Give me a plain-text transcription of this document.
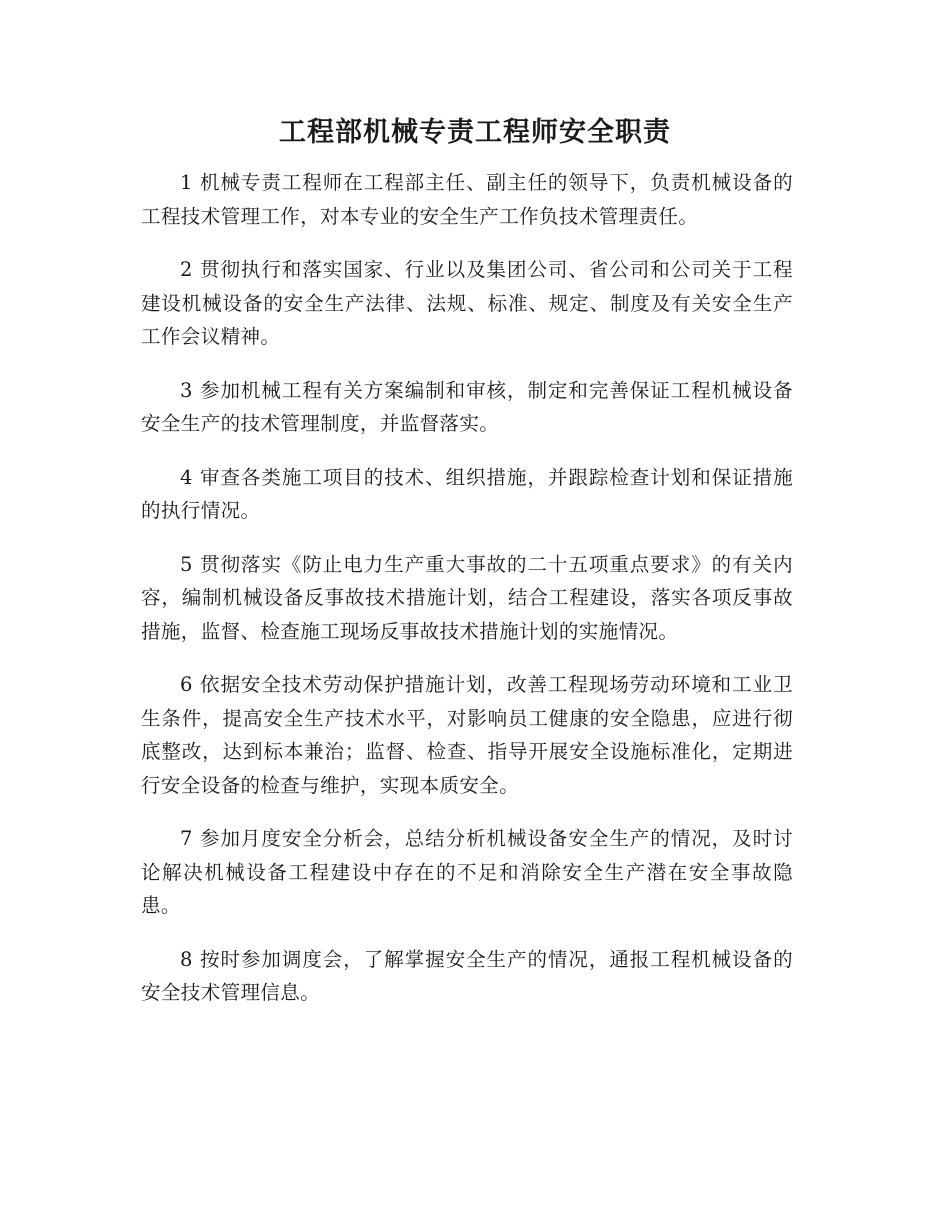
工程部机械专责工程师安全职责

1 机械专责工程师在工程部主任、副主任的领导下，负责机械设备的工程技术管理工作，对本专业的安全生产工作负技术管理责任。

2 贯彻执行和落实国家、行业以及集团公司、省公司和公司关于工程建设机械设备的安全生产法律、法规、标准、规定、制度及有关安全生产工作会议精神。

3 参加机械工程有关方案编制和审核，制定和完善保证工程机械设备安全生产的技术管理制度，并监督落实。

4 审查各类施工项目的技术、组织措施，并跟踪检查计划和保证措施的执行情况。

5 贯彻落实《防止电力生产重大事故的二十五项重点要求》的有关内容，编制机械设备反事故技术措施计划，结合工程建设，落实各项反事故措施，监督、检查施工现场反事故技术措施计划的实施情况。

6 依据安全技术劳动保护措施计划，改善工程现场劳动环境和工业卫生条件，提高安全生产技术水平，对影响员工健康的安全隐患，应进行彻底整改，达到标本兼治；监督、检查、指导开展安全设施标准化，定期进行安全设备的检查与维护，实现本质安全。

7 参加月度安全分析会，总结分析机械设备安全生产的情况，及时讨论解决机械设备工程建设中存在的不足和消除安全生产潜在安全事故隐患。

8 按时参加调度会，了解掌握安全生产的情况，通报工程机械设备的安全技术管理信息。
